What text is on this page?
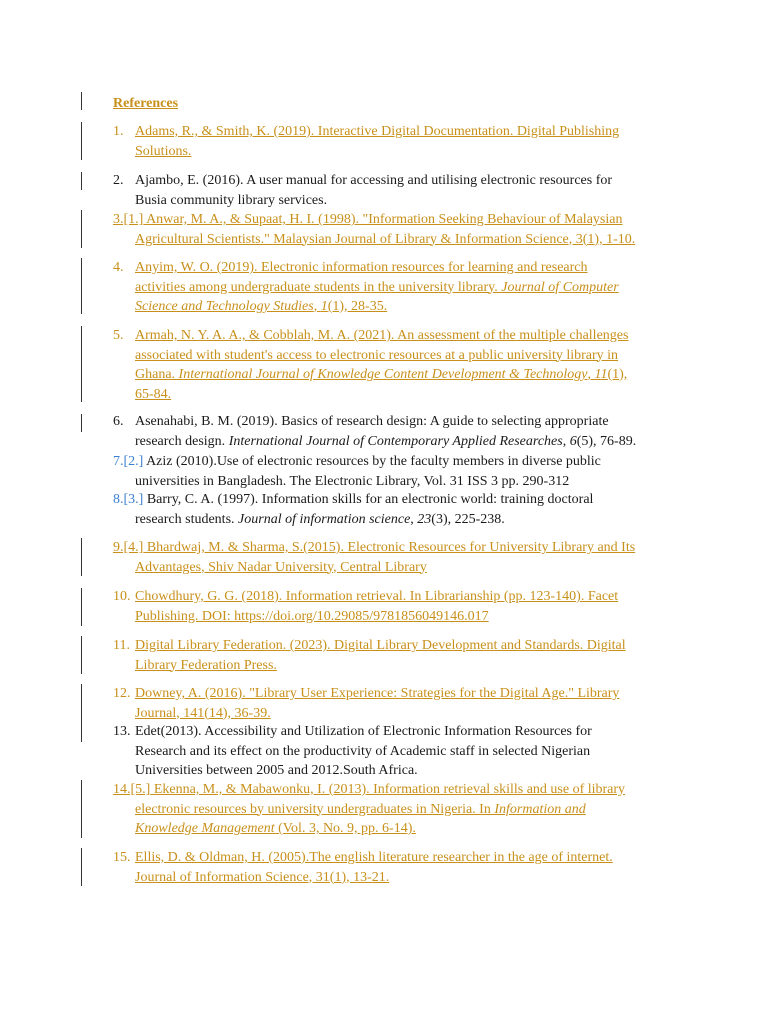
References
1. Adams, R., & Smith, K. (2019). Interactive Digital Documentation. Digital Publishing
Solutions.
2. Ajambo, E. (2016). A user manual for accessing and utilising electronic resources for
Busia community library services.
3.[1.] Anwar, M. A., & Supaat, H. I. (1998). "Information Seeking Behaviour of Malaysian
Agricultural Scientists." Malaysian Journal of Library & Information Science, 3(1), 1-10.
4. Anyim, W. O. (2019). Electronic information resources for learning and research
activities among undergraduate students in the university library. Journal of Computer
Science and Technology Studies, 1(1), 28-35.
5. Armah, N. Y. A. A., & Cobblah, M. A. (2021). An assessment of the multiple challenges
associated with student's access to electronic resources at a public university library in
Ghana. International Journal of Knowledge Content Development & Technology, 11(1),
65-84.
6. Asenahabi, B. M. (2019). Basics of research design: A guide to selecting appropriate
research design. International Journal of Contemporary Applied Researches, 6(5), 76-89.
7.[2.] Aziz (2010).Use of electronic resources by the faculty members in diverse public
universities in Bangladesh. The Electronic Library, Vol. 31 ISS 3 pp. 290-312
8.[3.] Barry, C. A. (1997). Information skills for an electronic world: training doctoral
research students. Journal of information science, 23(3), 225-238.
9.[4.] Bhardwaj, M. & Sharma, S.(2015). Electronic Resources for University Library and Its
Advantages, Shiv Nadar University, Central Library
10. Chowdhury, G. G. (2018). Information retrieval. In Librarianship (pp. 123-140). Facet
Publishing. DOI: https://doi.org/10.29085/9781856049146.017
11. Digital Library Federation. (2023). Digital Library Development and Standards. Digital
Library Federation Press.
12. Downey, A. (2016). "Library User Experience: Strategies for the Digital Age." Library
Journal, 141(14), 36-39.
13. Edet(2013). Accessibility and Utilization of Electronic Information Resources for
Research and its effect on the productivity of Academic staff in selected Nigerian
Universities between 2005 and 2012.South Africa.
14.[5.] Ekenna, M., & Mabawonku, I. (2013). Information retrieval skills and use of library
electronic resources by university undergraduates in Nigeria. In Information and
Knowledge Management (Vol. 3, No. 9, pp. 6-14).
15. Ellis, D. & Oldman, H. (2005).The english literature researcher in the age of internet.
Journal of Information Science, 31(1), 13-21.
